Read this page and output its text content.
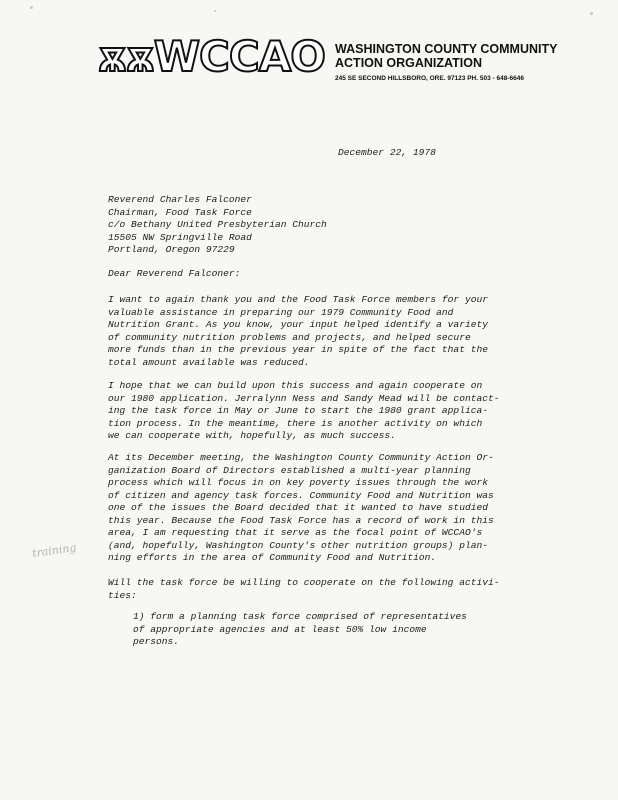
ѫѫWCCAO WASHINGTON COUNTY COMMUNITY
ACTION ORGANIZATION
245 SE SECOND HILLSBORO, ORE. 97123 PH. 503 - 648-6646
December 22, 1978
Reverend Charles Falconer
Chairman, Food Task Force
c/o Bethany United Presbyterian Church
15505 NW Springville Road
Portland, Oregon 97229
Dear Reverend Falconer:
I want to again thank you and the Food Task Force members for your
valuable assistance in preparing our 1979 Community Food and
Nutrition Grant. As you know, your input helped identify a variety
of community nutrition problems and projects, and helped secure
more funds than in the previous year in spite of the fact that the
total amount available was reduced.
I hope that we can build upon this success and again cooperate on
our 1980 application. Jerralynn Ness and Sandy Mead will be contact-
ing the task force in May or June to start the 1980 grant applica-
tion process. In the meantime, there is another activity on which
we can cooperate with, hopefully, as much success.
At its December meeting, the Washington County Community Action Or-
ganization Board of Directors established a multi-year planning
process which will focus in on key poverty issues through the work
of citizen and agency task forces. Community Food and Nutrition was
one of the issues the Board decided that it wanted to have studied
this year. Because the Food Task Force has a record of work in this
area, I am requesting that it serve as the focal point of WCCAO's
(and, hopefully, Washington County's other nutrition groups) plan-
ning efforts in the area of Community Food and Nutrition.
Will the task force be willing to cooperate on the following activi-
ties:
1) form a planning task force comprised of representatives
of appropriate agencies and at least 50% low income
persons.
training
